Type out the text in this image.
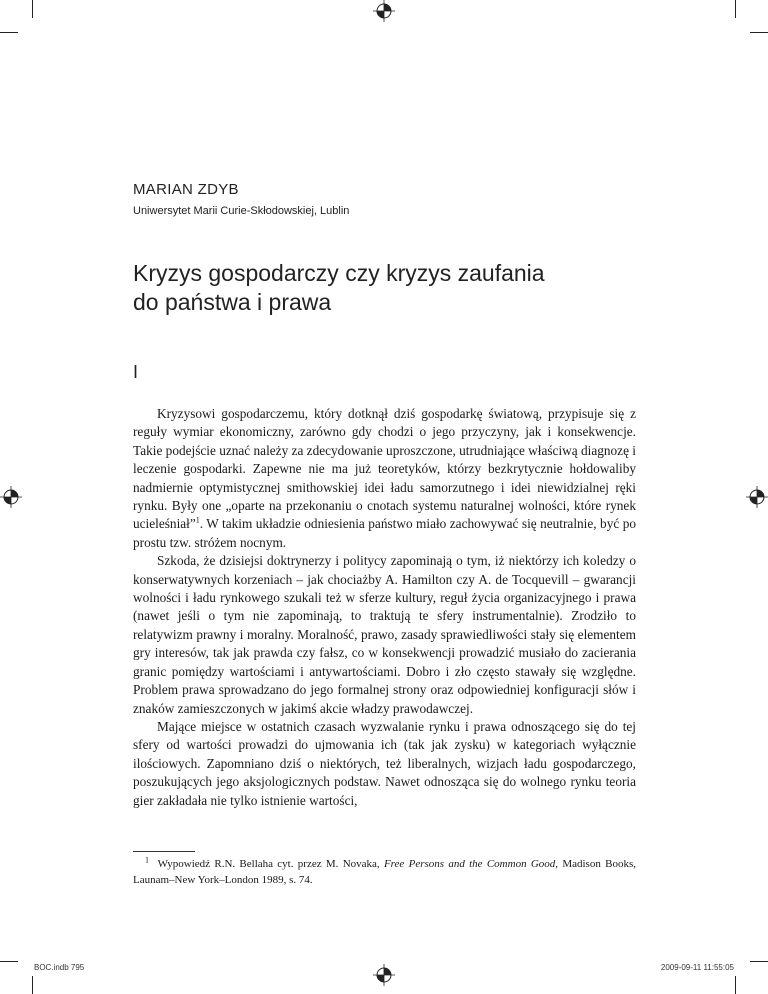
MARIAN ZDYB
Uniwersytet Marii Curie-Skłodowskiej, Lublin
Kryzys gospodarczy czy kryzys zaufania
do państwa i prawa
I

Kryzysowi gospodarczemu, który dotknął dziś gospodarkę światową, przypisuje się z reguły wymiar ekonomiczny, zarówno gdy chodzi o jego przyczyny, jak i konsekwencje. Takie podejście uznać należy za zdecydowanie uproszczone, utrudniające właściwą diagnozę i leczenie gospodarki. Zapewne nie ma już teoretyków, którzy bezkrytycznie hołdowaliby nadmiernie optymistycznej smithowskiej idei ładu samorzutnego i idei niewidzialnej ręki rynku. Były one „oparte na przekonaniu o cnotach systemu naturalnej wolności, które rynek ucieleśniał”$^1$. W takim układzie odniesienia państwo miało zachowywać się neutralnie, być po prostu tzw. stróżem nocnym.

Szkoda, że dzisiejsi doktrynerzy i politycy zapominają o tym, iż niektórzy ich koledzy o konserwatywnych korzeniach – jak chociażby A. Hamilton czy A. de Tocquevill – gwarancji wolności i ładu rynkowego szukali też w sferze kultury, reguł życia organizacyjnego i prawa (nawet jeśli o tym nie zapominają, to traktują te sfery instrumentalnie). Zrodziło to relatywizm prawny i moralny. Moralność, prawo, zasady sprawiedliwości stały się elementem gry interesów, tak jak prawda czy fałsz, co w konsekwencji prowadzić musiało do zacierania granic pomiędzy wartościami i antywartościami. Dobro i zło często stawały się względne. Problem prawa sprowadzano do jego formalnej strony oraz odpowiedniej konfiguracji słów i znaków zamieszczonych w jakimś akcie władzy prawodawczej.

Mające miejsce w ostatnich czasach wyzwalanie rynku i prawa odnoszącego się do tej sfery od wartości prowadzi do ujmowania ich (tak jak zysku) w kategoriach wyłącznie ilościowych. Zapomniano dziś o niektórych, też liberalnych, wizjach ładu gospodarczego, poszukujących jego aksjologicznych podstaw. Nawet odnosząca się do wolnego rynku teoria gier zakładała nie tylko istnienie wartości,

$^1$ Wypowiedź R.N. Bellaha cyt. przez M. Novaka, Free Persons and the Common Good, Madison Books, Launam–New York–London 1989, s. 74.
BOC.indb 795	2009-09-11 11:55:05
